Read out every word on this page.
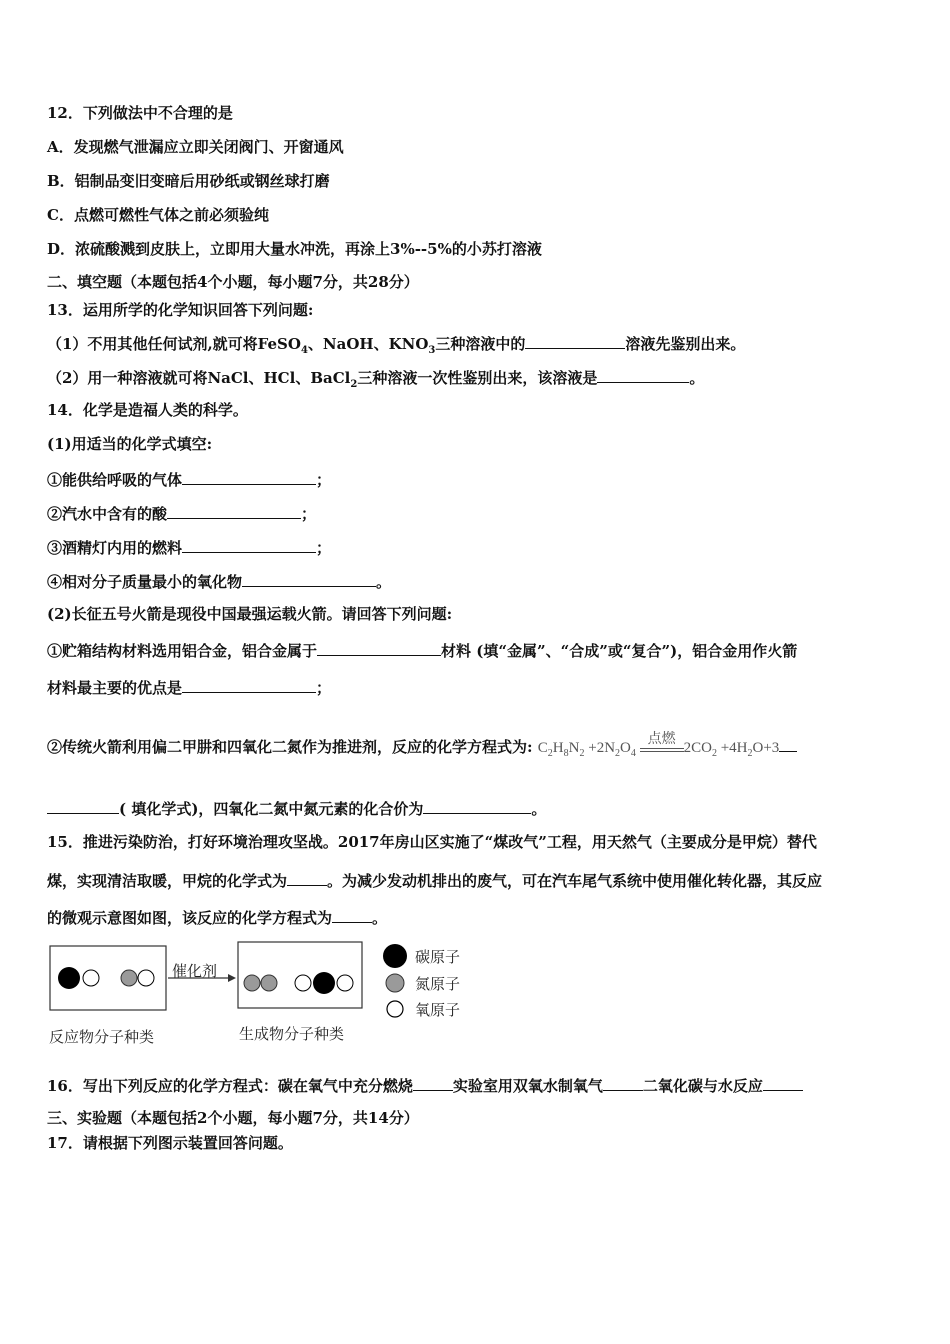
12．下列做法中不合理的是
A．发现燃气泄漏应立即关闭阀门、开窗通风
B．铝制品变旧变暗后用砂纸或钢丝球打磨
C．点燃可燃性气体之前必须验纯
D．浓硫酸溅到皮肤上，立即用大量水冲洗，再涂上3%--5%的小苏打溶液
二、填空题（本题包括4个小题，每小题7分，共28分）
13．运用所学的化学知识回答下列问题:
（1）不用其他任何试剂,就可将FeSO$_4$、NaOH、$KNO_3$三种溶液中的	溶液先鉴别出来。
（2）用一种溶液就可将NaCl、HCl、BaCl$_2$三种溶液一次性鉴别出来，该溶液是	。
14．化学是造福人类的科学。
(1)用适当的化学式填空:
①能供给呼吸的气体	；
②汽水中含有的酸	；
③酒精灯内用的燃料	；
④相对分子质量最小的氧化物	。
(2)长征五号火箭是现役中国最强运载火箭。请回答下列问题:
①贮箱结构材料选用铝合金，铝合金属于	材料 (填“金属”、“合成”或“复合”)，铝合金用作火箭
材料最主要的优点是	；
②传统火箭利用偏二甲肼和四氧化二氮作为推进剂，反应的化学方程式为: $C_2H_8N_2 +2N_2O_4$
点燃
$2CO_2 +4H_2O+3$
( 填化学式)，四氧化二氮中氮元素的化合价为	。
15．推进污染防治，打好环境治理攻坚战。2017年房山区实施了“煤改气”工程，用天然气（主要成分是甲烷）替代
煤，实现清洁取暖，甲烷的化学式为	。为减少发动机排出的废气，可在汽车尾气系统中使用催化转化器，其反应
的微观示意图如图，该反应的化学方程式为	。
催化剂
反应物分子种类	生成物分子种类
碳原子
氮原子
氧原子
16．写出下列反应的化学方程式：碳在氧气中充分燃烧	实验室用双氧水制氧气	二氧化碳与水反应
三、实验题（本题包括2个小题，每小题7分，共14分）
17．请根据下列图示装置回答问题。
